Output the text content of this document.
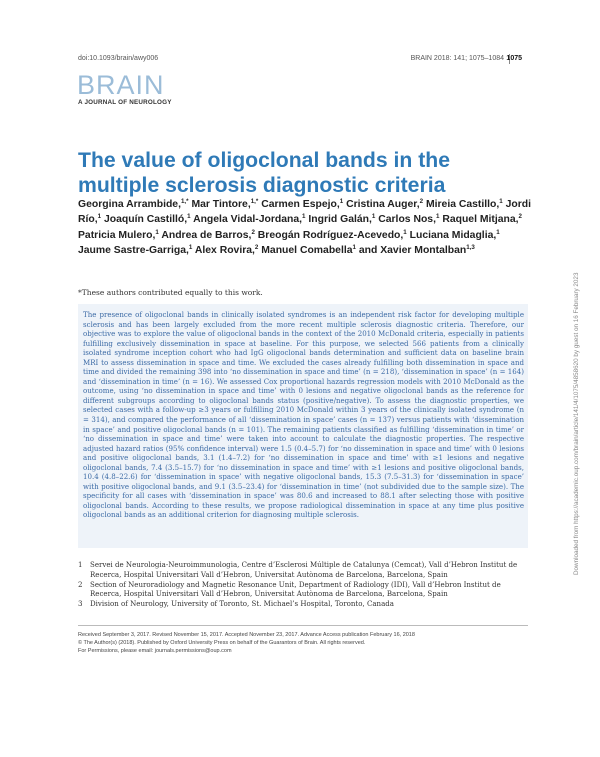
doi:10.1093/brain/awy006	BRAIN 2018: 141; 1075–1084 1075
BRAIN
A JOURNAL OF NEUROLOGY
The value of oligoclonal bands in the multiple sclerosis diagnostic criteria
Georgina Arrambide,$^{1,*}$ Mar Tintore,$^{1,*}$ Carmen Espejo,$^1$ Cristina Auger,$^2$ Mireia Castillo,$^1$ Jordi Río,$^1$ Joaquín Castilló,$^1$ Angela Vidal-Jordana,$^1$ Ingrid Galán,$^1$ Carlos Nos,$^1$ Raquel Mitjana,$^2$ Patricia Mulero,$^1$ Andrea de Barros,$^2$ Breogán Rodríguez-Acevedo,$^1$ Luciana Midaglia,$^1$ Jaume Sastre-Garriga,$^1$ Alex Rovira,$^2$ Manuel Comabella$^1$ and Xavier Montalban$^{1,3}$
*These authors contributed equally to this work.

The presence of oligoclonal bands in clinically isolated syndromes is an independent risk factor for developing multiple sclerosis and has been largely excluded from the more recent multiple sclerosis diagnostic criteria. Therefore, our objective was to explore the value of oligoclonal bands in the context of the 2010 McDonald criteria, especially in patients fulfilling exclusively dissemination in space at baseline. For this purpose, we selected 566 patients from a clinically isolated syndrome inception cohort who had IgG oligoclonal bands determination and sufficient data on baseline brain MRI to assess dissemination in space and time. We excluded the cases already fulfilling both dissemination in space and time and divided the remaining 398 into ‘no dissemination in space and time’ (n = 218), ‘dissemination in space’ (n = 164) and ‘dissemination in time’ (n = 16). We assessed Cox proportional hazards regression models with 2010 McDonald as the outcome, using ‘no dissemination in space and time’ with 0 lesions and negative oligoclonal bands as the reference for different subgroups according to oligoclonal bands status (positive/negative). To assess the diagnostic properties, we selected cases with a follow-up ≥3 years or fulfilling 2010 McDonald within 3 years of the clinically isolated syndrome (n = 314), and compared the performance of all ‘dissemination in space’ cases (n = 137) versus patients with ‘dissemination in space’ and positive oligoclonal bands (n = 101). The remaining patients classified as fulfilling ‘dissemination in time’ or ‘no dissemination in space and time’ were taken into account to calculate the diagnostic properties. The respective adjusted hazard ratios (95% confidence interval) were 1.5 (0.4–5.7) for ‘no dissemination in space and time’ with 0 lesions and positive oligoclonal bands, 3.1 (1.4–7.2) for ‘no dissemination in space and time’ with ≥1 lesions and negative oligoclonal bands, 7.4 (3.5–15.7) for ‘no dissemination in space and time’ with ≥1 lesions and positive oligoclonal bands, 10.4 (4.8–22.6) for ‘dissemination in space’ with negative oligoclonal bands, 15.3 (7.5–31.3) for ‘dissemination in space’ with positive oligoclonal bands, and 9.1 (3.5–23.4) for ‘dissemination in time’ (not subdivided due to the sample size). The specificity for all cases with ‘dissemination in space’ was 80.6 and increased to 88.1 after selecting those with positive oligoclonal bands. According to these results, we propose radiological dissemination in space at any time plus positive oligoclonal bands as an additional criterion for diagnosing multiple sclerosis.

1 Servei de Neurologia-Neuroimmunologia, Centre d’Esclerosi Múltiple de Catalunya (Cemcat), Vall d’Hebron Institut de Recerca, Hospital Universitari Vall d’Hebron, Universitat Autònoma de Barcelona, Barcelona, Spain
2 Section of Neuroradiology and Magnetic Resonance Unit, Department of Radiology (IDI), Vall d’Hebron Institut de Recerca, Hospital Universitari Vall d’Hebron, Universitat Autònoma de Barcelona, Barcelona, Spain
3 Division of Neurology, University of Toronto, St. Michael’s Hospital, Toronto, Canada
Received September 3, 2017. Revised November 15, 2017. Accepted November 23, 2017. Advance Access publication February 16, 2018
© The Author(s) (2018). Published by Oxford University Press on behalf of the Guarantors of Brain. All rights reserved.
For Permissions, please email: journals.permissions@oup.com
Downloaded from https://academic.oup.com/brain/article/141/4/1075/4858620 by guest on 16 February 2023
